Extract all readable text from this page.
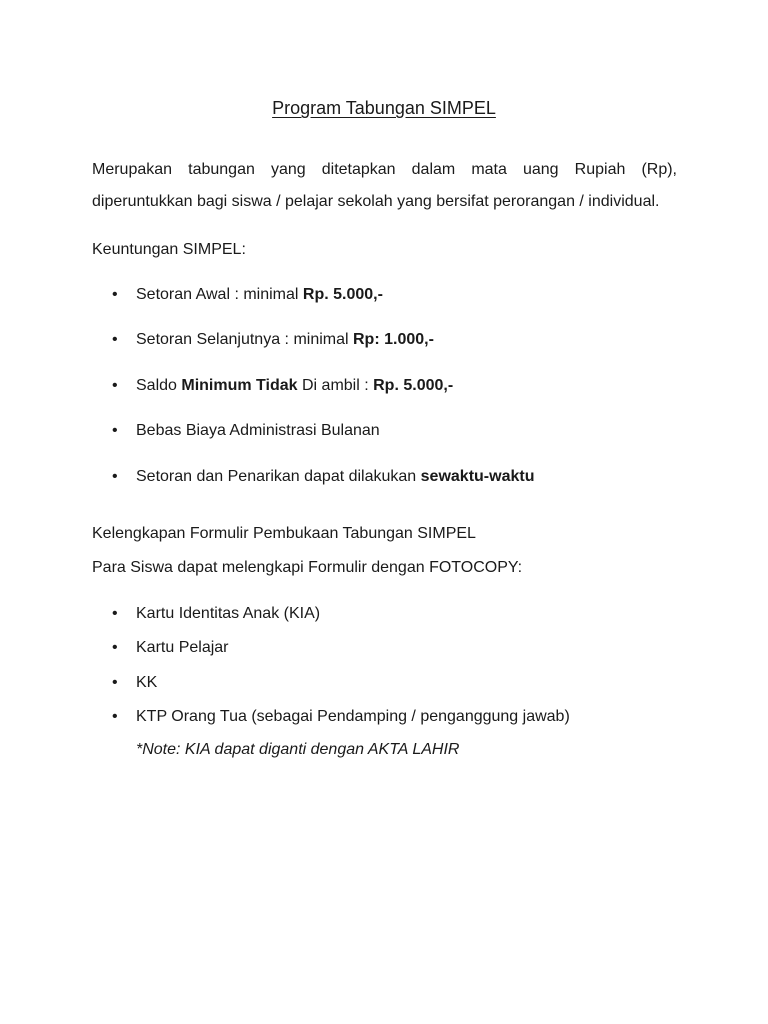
Program Tabungan SIMPEL
Merupakan tabungan yang ditetapkan dalam mata uang Rupiah (Rp),
diperuntukkan bagi siswa / pelajar sekolah yang bersifat perorangan / individual.
Keuntungan SIMPEL:
• Setoran Awal : minimal Rp. 5.000,-
• Setoran Selanjutnya : minimal Rp: 1.000,-
• Saldo Minimum Tidak Di ambil : Rp. 5.000,-
• Bebas Biaya Administrasi Bulanan
• Setoran dan Penarikan dapat dilakukan sewaktu-waktu
Kelengkapan Formulir Pembukaan Tabungan SIMPEL
Para Siswa dapat melengkapi Formulir dengan FOTOCOPY:
• Kartu Identitas Anak (KIA)
• Kartu Pelajar
• KK
• KTP Orang Tua (sebagai Pendamping / penganggung jawab)
*Note: KIA dapat diganti dengan AKTA LAHIR
